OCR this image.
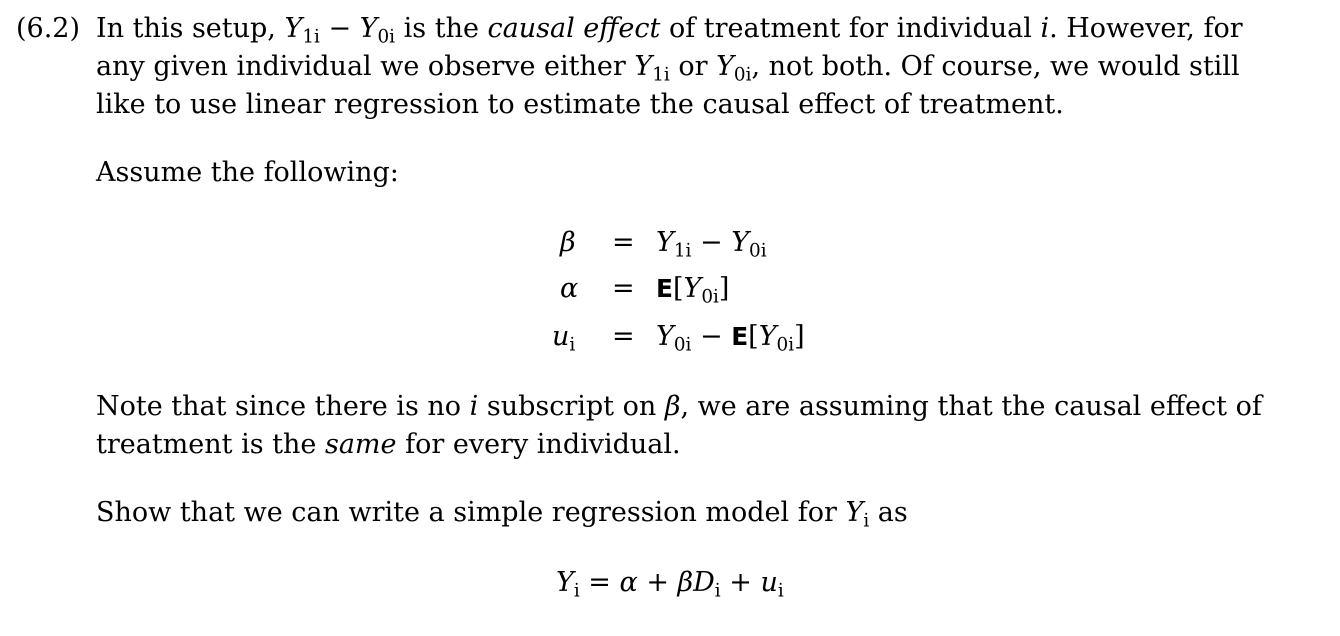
(6.2) In this setup, $Y_{1i} - Y_{0i}$ is the causal effect of treatment for individual i. However, for
any given individual we observe either $Y_{1i}$ or $Y_{0i}$, not both. Of course, we would still
like to use linear regression to estimate the causal effect of treatment.
Assume the following:
$\beta = Y_{1i} - Y_{0i}$
$\alpha = E[Y_{0i}]$
$u_i = Y_{0i} - E[Y_{0i}]$
Note that since there is no i subscript on β, we are assuming that the causal effect of
treatment is the same for every individual.
Show that we can write a simple regression model for $Y_i$ as
$Y_i = \alpha + \beta D_i + u_i$
